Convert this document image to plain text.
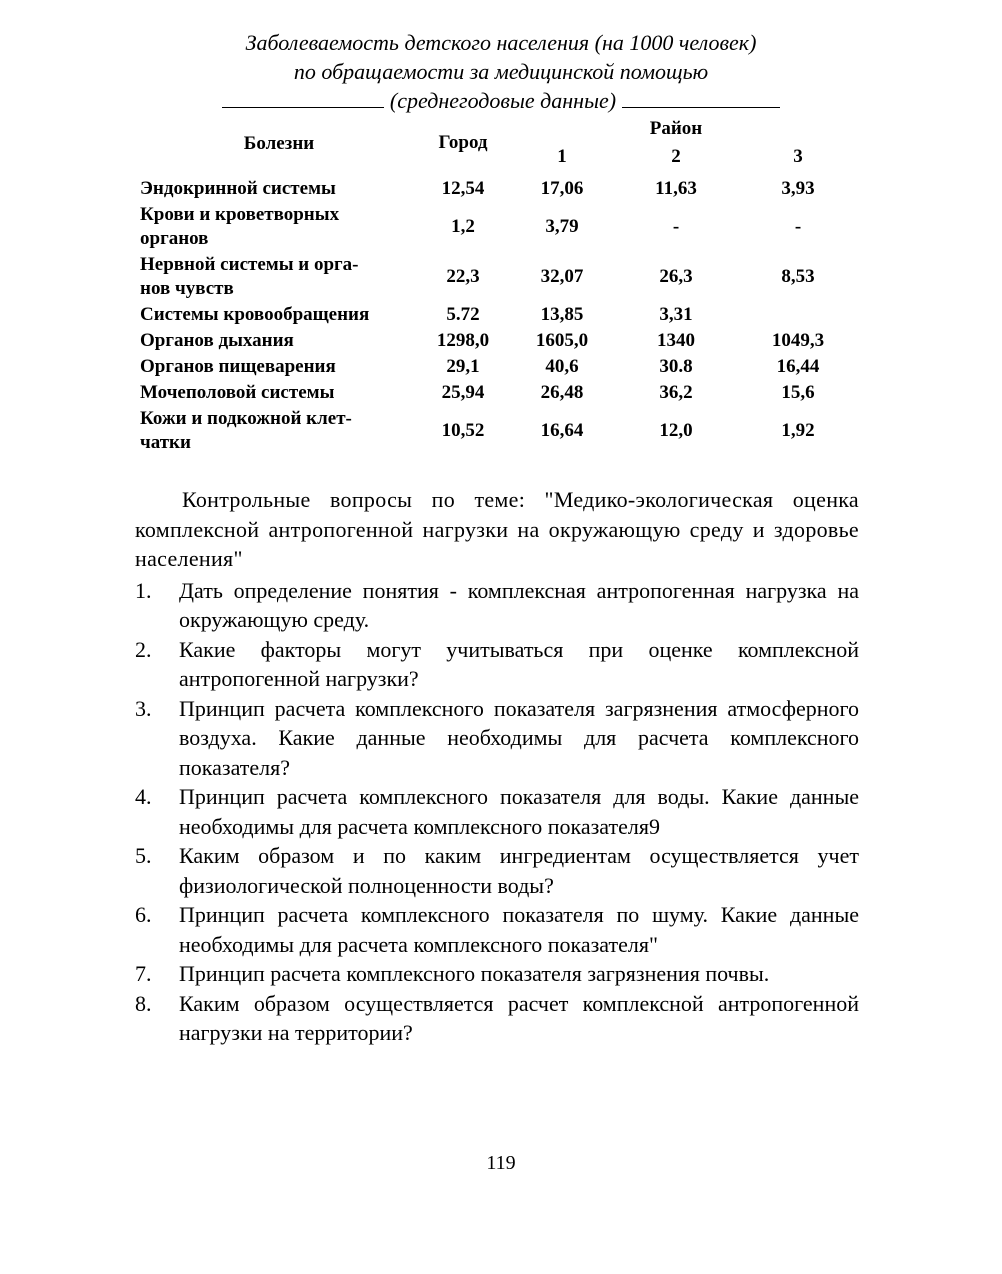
Заболеваемость детского населения (на 1000 человек)
по обращаемости за медицинской помощью
(среднегодовые данные)
Болезни	Город		Район	
		1	2	3
Эндокринной системы	12,54	17,06	11,63	3,93
Крови и кроветворных
органов	1,2	3,79	-	-
Нервной системы и орга-
нов чувств	22,3	32,07	26,3	8,53
Системы кровообращения	5.72	13,85	3,31	
Органов дыхания	1298,0	1605,0	1340	1049,3
Органов пищеварения	29,1	40,6	30.8	16,44
Мочеполовой системы	25,94	26,48	36,2	15,6
Кожи и подкожной клет-
чатки	10,52	16,64	12,0	1,92

Контрольные вопросы по теме: "Медико-экологическая оценка комплексной антропогенной нагрузки на окружающую среду и здоровье населения"

1. Дать определение понятия - комплексная антропогенная нагрузка на окружающую среду.
2. Какие факторы могут учитываться при оценке комплексной антропогенной нагрузки?
3. Принцип расчета комплексного показателя загрязнения атмосферного воздуха. Какие данные необходимы для расчета комплексного показателя?
4. Принцип расчета комплексного показателя для воды. Какие данные необходимы для расчета комплексного показателя9
5. Каким образом и по каким ингредиентам осуществляется учет физиологической полноценности воды?
6. Принцип расчета комплексного показателя по шуму. Какие данные необходимы для расчета комплексного показателя"
7. Принцип расчета комплексного показателя загрязнения почвы.
8. Каким образом осуществляется расчет комплексной антропогенной нагрузки на территории?
119
